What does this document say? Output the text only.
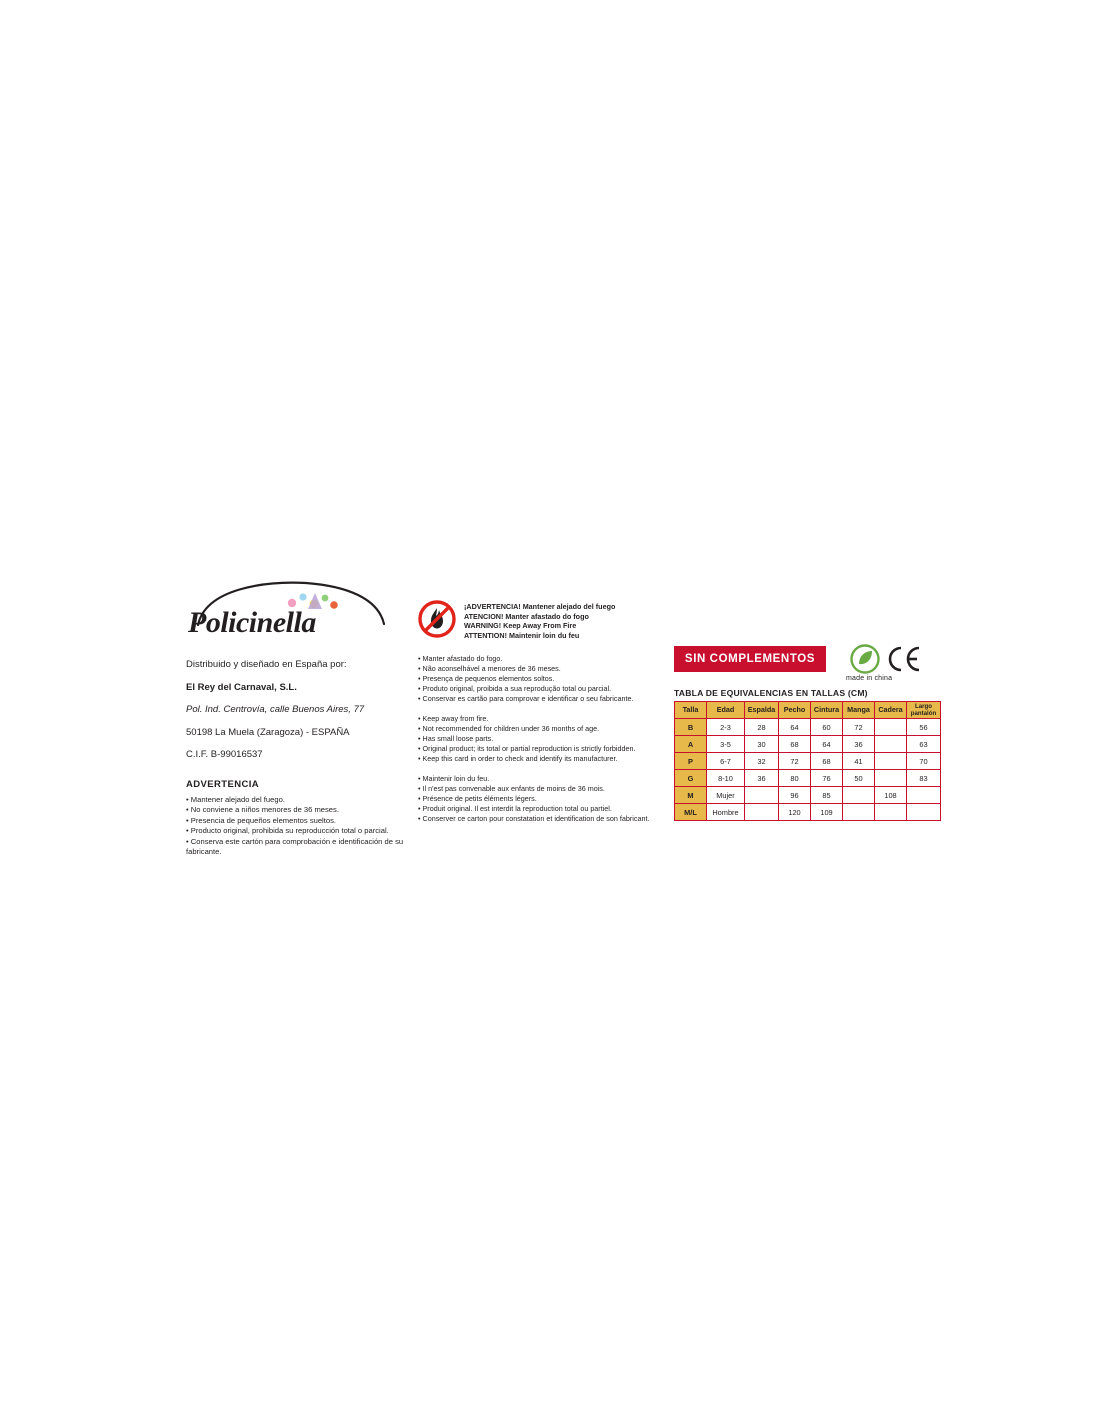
Policinella
Distribuido y diseñado en España por:
El Rey del Carnaval, S.L.
Pol. Ind. Centrovía, calle Buenos Aires, 77
50198 La Muela (Zaragoza) - ESPAÑA
C.I.F. B-99016537
ADVERTENCIA
• Mantener alejado del fuego.
• No conviene a niños menores de 36 meses.
• Presencia de pequeños elementos sueltos.
• Producto original, prohibida su reproducción total o parcial.
• Conserva este cartón para comprobación e identificación de su fabricante.
¡ADVERTENCIA! Mantener alejado del fuego
ATENCION! Manter afastado do fogo
WARNING! Keep Away From Fire
ATTENTION! Maintenir loin du feu
• Manter afastado do fogo.
• Não aconselhável a menores de 36 meses.
• Presença de pequenos elementos soltos.
• Produto original, proibida a sua reprodução total ou parcial.
• Conservar es cartão para comprovar e identificar o seu fabricante.
• Keep away from fire.
• Not recommended for children under 36 months of age.
• Has small loose parts.
• Original product; its total or partial reproduction is strictly forbidden.
• Keep this card in order to check and identify its manufacturer.
• Maintenir loin du feu.
• Il n'est pas convenable aux enfants de moins de 36 mois.
• Présence de petits éléments légers.
• Produit original. Il est interdit la reproduction total ou partiel.
• Conserver ce carton pour constatation et identification de son fabricant.
SIN COMPLEMENTOS
made in china
TABLA DE EQUIVALENCIAS EN TALLAS (CM)
Talla	Edad	Espalda	Pecho	Cintura	Manga	Cadera	Largo pantalón
B	2-3	28	64	60	72		56
A	3-5	30	68	64	36		63
P	6-7	32	72	68	41		70
G	8-10	36	80	76	50		83
M	Mujer		96	85		108	
M/L	Hombre		120	109			
